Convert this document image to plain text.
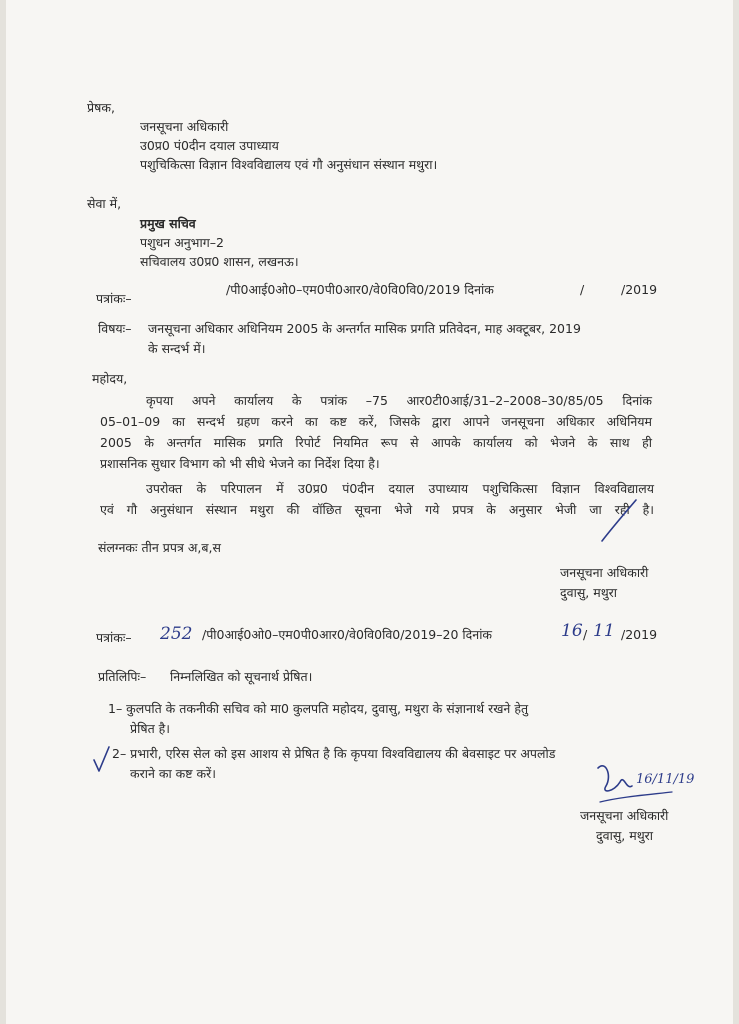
प्रेषक,
जनसूचना अधिकारी
उ0प्र0 पं0दीन दयाल उपाध्याय
पशुचिकित्सा विज्ञान विश्वविद्यालय एवं गौ अनुसंधान संस्थान मथुरा।
सेवा में,
प्रमुख सचिव
पशुधन अनुभाग–2
सचिवालय उ0प्र0 शासन, लखनऊ।
पत्रांकः–
/पी0आई0ओ0–एम0पी0आर0/वे0वि0वि0/2019 दिनांक	/	/2019
विषयः– जनसूचना अधिकार अधिनियम 2005 के अन्तर्गत मासिक प्रगति प्रतिवेदन, माह अक्टूबर, 2019
के सन्दर्भ में।
महोदय,
कृपया अपने कार्यालय के पत्रांक –75 आर0टी0आई/31–2–2008–30/85/05 दिनांक
05–01–09 का सन्दर्भ ग्रहण करने का कष्ट करें, जिसके द्वारा आपने जनसूचना अधिकार अधिनियम
2005 के अन्तर्गत मासिक प्रगति रिपोर्ट नियमित रूप से आपके कार्यालय को भेजने के साथ ही
प्रशासनिक सुधार विभाग को भी सीधे भेजने का निर्देश दिया है।
उपरोक्त के परिपालन में उ0प्र0 पं0दीन दयाल उपाध्याय पशुचिकित्सा विज्ञान विश्वविद्यालय
एवं गौ अनुसंधान संस्थान मथुरा की वॉछित सूचना भेजे गये प्रपत्र के अनुसार भेजी जा रही है।
संलग्नकः तीन प्रपत्र अ,ब,स
जनसूचना अधिकारी
दुवासु, मथुरा
पत्रांकः– 252 /पी0आई0ओ0–एम0पी0आर0/वे0वि0वि0/2019–20 दिनांक	16 / 11 /2019
प्रतिलिपिः– निम्नलिखित को सूचनार्थ प्रेषित।
1– कुलपति के तकनीकी सचिव को मा0 कुलपति महोदय, दुवासु, मथुरा के संज्ञानार्थ रखने हेतु
प्रेषित है।
2– प्रभारी, एरिस सेल को इस आशय से प्रेषित है कि कृपया विश्वविद्यालय की बेवसाइट पर अपलोड
कराने का कष्ट करें।	16/11/19
जनसूचना अधिकारी
दुवासु, मथुरा
